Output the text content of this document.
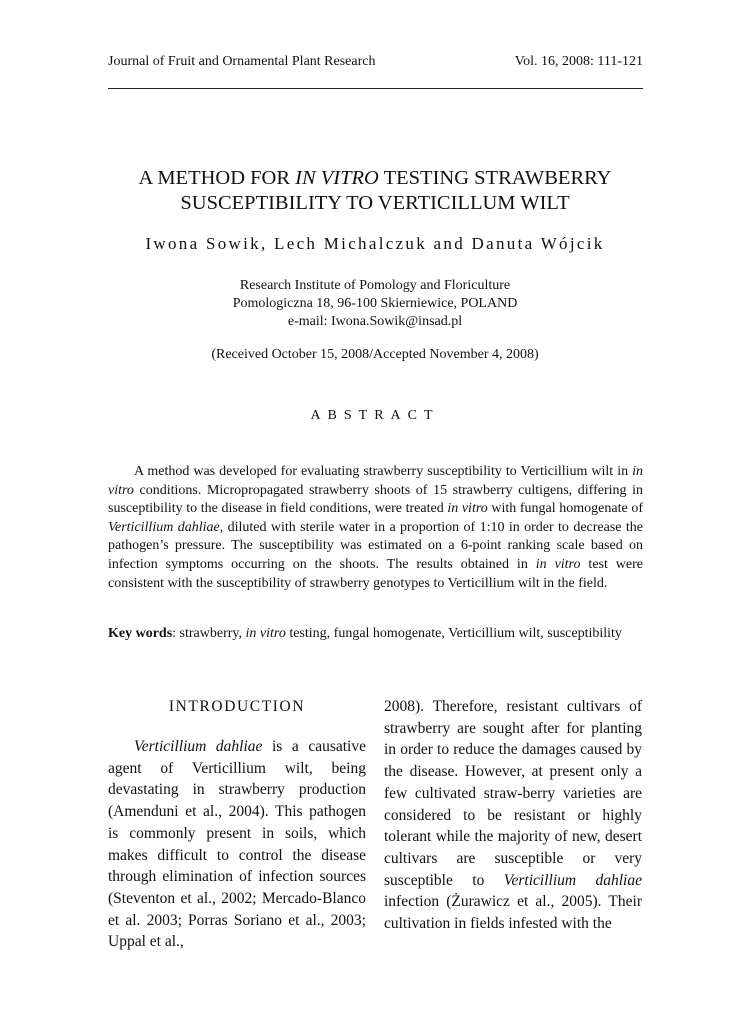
Journal of Fruit and Ornamental Plant Research	Vol. 16, 2008: 111-121
A METHOD FOR IN VITRO TESTING STRAWBERRY
SUSCEPTIBILITY TO VERTICILLUM WILT
Iwona Sowik, Lech Michalczuk and Danuta Wójcik
Research Institute of Pomology and Floriculture
Pomologiczna 18, 96-100 Skierniewice, POLAND
e-mail: Iwona.Sowik@insad.pl
(Received October 15, 2008/Accepted November 4, 2008)
ABSTRACT
A method was developed for evaluating strawberry susceptibility to Verticillium wilt in in vitro conditions. Micropropagated strawberry shoots of 15 strawberry cultigens, differing in susceptibility to the disease in field conditions, were treated in vitro with fungal homogenate of Verticillium dahliae, diluted with sterile water in a proportion of 1:10 in order to decrease the pathogen’s pressure. The susceptibility was estimated on a 6-point ranking scale based on infection symptoms occurring on the shoots. The results obtained in in vitro test were consistent with the susceptibility of strawberry genotypes to Verticillium wilt in the field.
Key words: strawberry, in vitro testing, fungal homogenate, Verticillium wilt, susceptibility
INTRODUCTION
Verticillium dahliae is a causative agent of Verticillium wilt, being devastating in strawberry production (Amenduni et al., 2004). This pathogen is commonly present in soils, which makes difficult to control the disease through elimination of infection sources (Steventon et al., 2002; Mercado-Blanco et al. 2003; Porras Soriano et al., 2003; Uppal et al.,
2008). Therefore, resistant cultivars of strawberry are sought after for planting in order to reduce the damages caused by the disease. However, at present only a few cultivated straw-berry varieties are considered to be resistant or highly tolerant while the majority of new, desert cultivars are susceptible or very susceptible to Verticillium dahliae infection (Żurawicz et al., 2005). Their cultivation in fields infested with the
